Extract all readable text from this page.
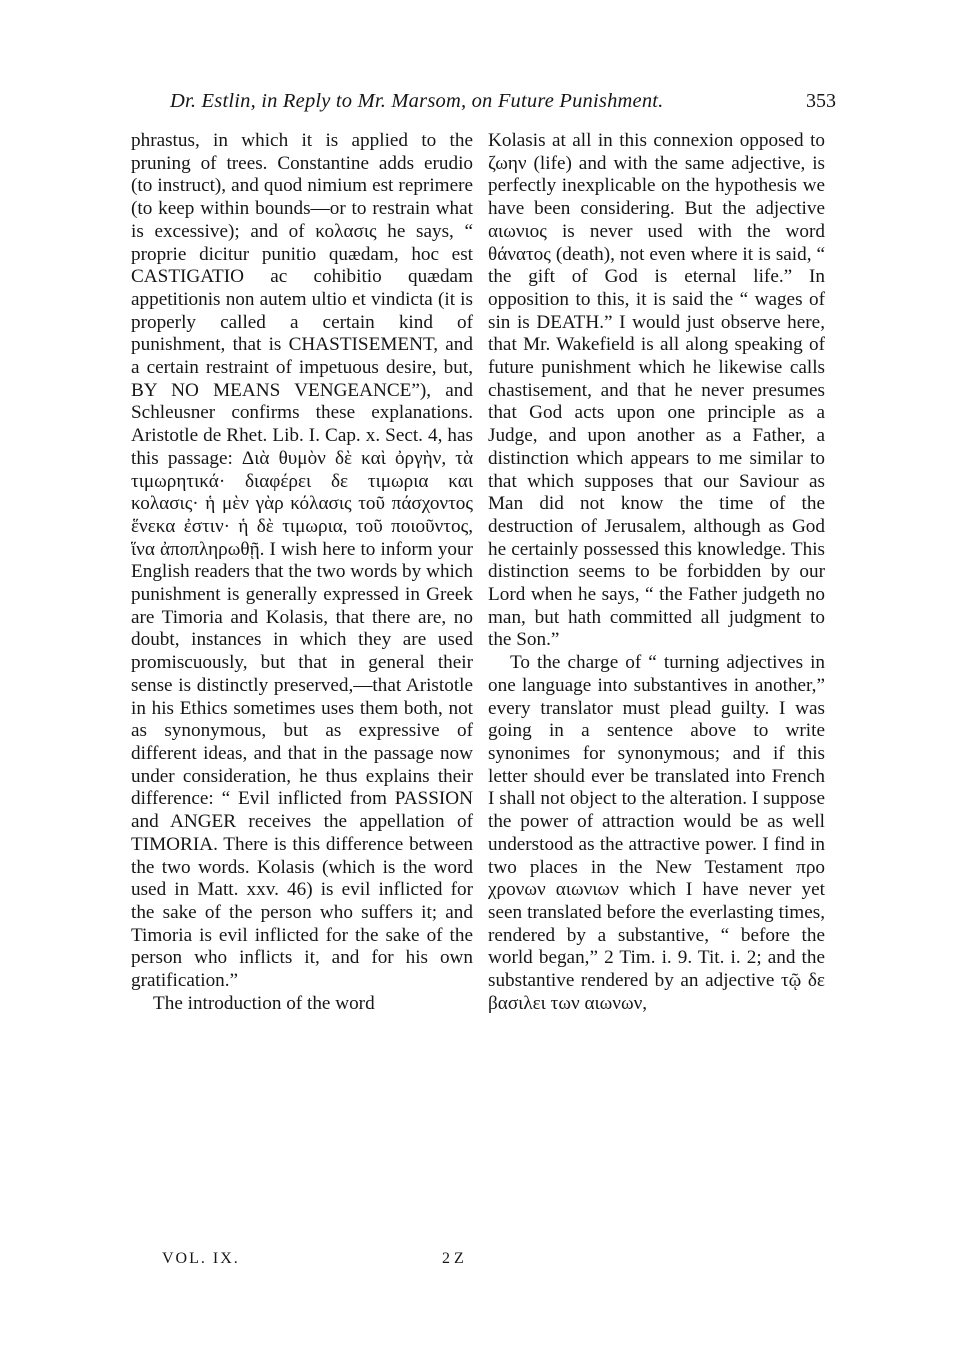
Dr. Estlin, in Reply to Mr. Marsom, on Future Punishment.	353

phrastus, in which it is applied to the pruning of trees. Constantine adds erudio (to instruct), and quod nimium est reprimere (to keep within bounds—or to restrain what is excessive); and of κολασις he says, “ proprie dicitur punitio quædam, hoc est CASTIGATIO ac cohibitio quædam appetitionis non autem ultio et vindicta (it is properly called a certain kind of punishment, that is CHASTISEMENT, and a certain restraint of impetuous desire, but, BY NO MEANS VENGEANCE”), and Schleusner confirms these explanations. Aristotle de Rhet. Lib. I. Cap. x. Sect. 4, has this passage: Διὰ θυμὸν δὲ καὶ ὀργὴν, τὰ τιμωρητικά· διαφέρει δε τιμωρια και κολασις· ἡ μὲν γὰρ κόλασις τοῦ πάσχοντος ἕνεκα ἐστιν· ἡ δὲ τιμωρια, τοῦ ποιοῦντος, ἵνα ἀποπληρωθῇ. I wish here to inform your English readers that the two words by which punishment is generally expressed in Greek are Timoria and Kolasis, that there are, no doubt, instances in which they are used promiscuously, but that in general their sense is distinctly preserved,—that Aristotle in his Ethics sometimes uses them both, not as synonymous, but as expressive of different ideas, and that in the passage now under consideration, he thus explains their difference: “ Evil inflicted from PASSION and ANGER receives the appellation of TIMORIA. There is this difference between the two words. Kolasis (which is the word used in Matt. xxv. 46) is evil inflicted for the sake of the person who suffers it; and Timoria is evil inflicted for the sake of the person who inflicts it, and for his own gratification.”

The introduction of the word

Kolasis at all in this connexion opposed to ζωην (life) and with the same adjective, is perfectly inexplicable on the hypothesis we have been considering. But the adjective αιωνιος is never used with the word θάνατος (death), not even where it is said, “ the gift of God is eternal life.” In opposition to this, it is said the “ wages of sin is DEATH.” I would just observe here, that Mr. Wakefield is all along speaking of future punishment which he likewise calls chastisement, and that he never presumes that God acts upon one principle as a Judge, and upon another as a Father, a distinction which appears to me similar to that which supposes that our Saviour as Man did not know the time of the destruction of Jerusalem, although as God he certainly possessed this knowledge. This distinction seems to be forbidden by our Lord when he says, “ the Father judgeth no man, but hath committed all judgment to the Son.”

To the charge of “ turning adjectives in one language into substantives in another,” every translator must plead guilty. I was going in a sentence above to write synonimes for synonymous; and if this letter should ever be translated into French I shall not object to the alteration. I suppose the power of attraction would be as well understood as the attractive power. I find in two places in the New Testament προ χρονων αιωνιων which I have never yet seen translated before the everlasting times, rendered by a substantive, “ before the world began,” 2 Tim. i. 9. Tit. i. 2; and the substantive rendered by an adjective τῷ δε βασιλει των αιωνων,

VOL. IX.	2 Z
